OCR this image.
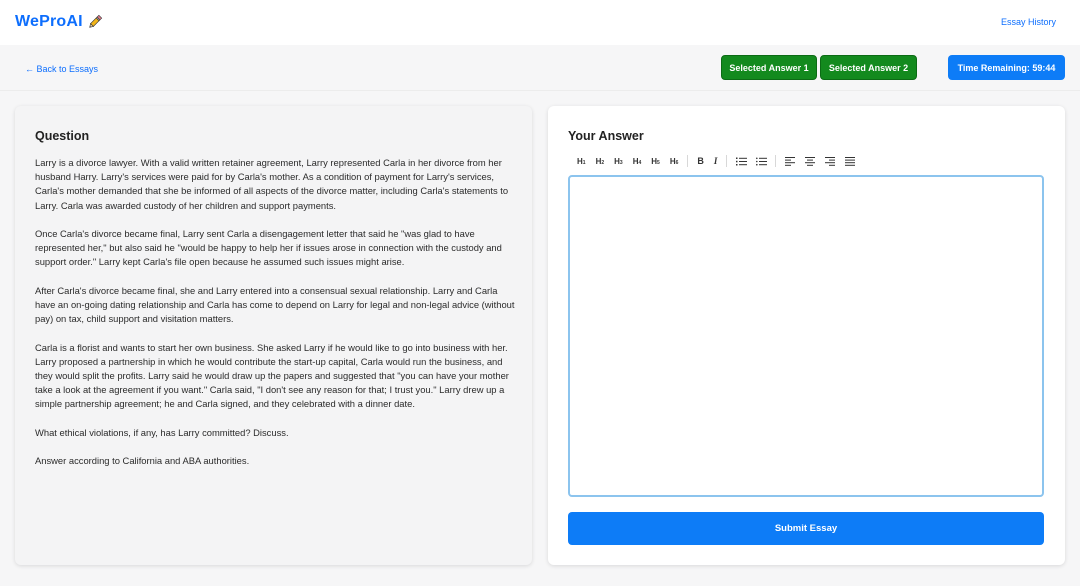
WeProAI	Essay History
← Back to Essays	Selected Answer 1	Selected Answer 2	Time Remaining: 59:44
Question

Larry is a divorce lawyer. With a valid written retainer agreement, Larry represented Carla in her divorce from her husband Harry. Larry's services were paid for by Carla's mother. As a condition of payment for Larry's services, Carla's mother demanded that she be informed of all aspects of the divorce matter, including Carla's statements to Larry. Carla was awarded custody of her children and support payments.

Once Carla's divorce became final, Larry sent Carla a disengagement letter that said he "was glad to have represented her," but also said he "would be happy to help her if issues arose in connection with the custody and support order." Larry kept Carla's file open because he assumed such issues might arise.

After Carla's divorce became final, she and Larry entered into a consensual sexual relationship. Larry and Carla have an on-going dating relationship and Carla has come to depend on Larry for legal and non-legal advice (without pay) on tax, child support and visitation matters.

Carla is a florist and wants to start her own business. She asked Larry if he would like to go into business with her. Larry proposed a partnership in which he would contribute the start-up capital, Carla would run the business, and they would split the profits. Larry said he would draw up the papers and suggested that "you can have your mother take a look at the agreement if you want." Carla said, "I don't see any reason for that; I trust you." Larry drew up a simple partnership agreement; he and Carla signed, and they celebrated with a dinner date.

What ethical violations, if any, has Larry committed? Discuss.

Answer according to California and ABA authorities.

Your Answer
H 1 H 2 H 3 H 4 H 5 H 6	B	I
Submit Essay
